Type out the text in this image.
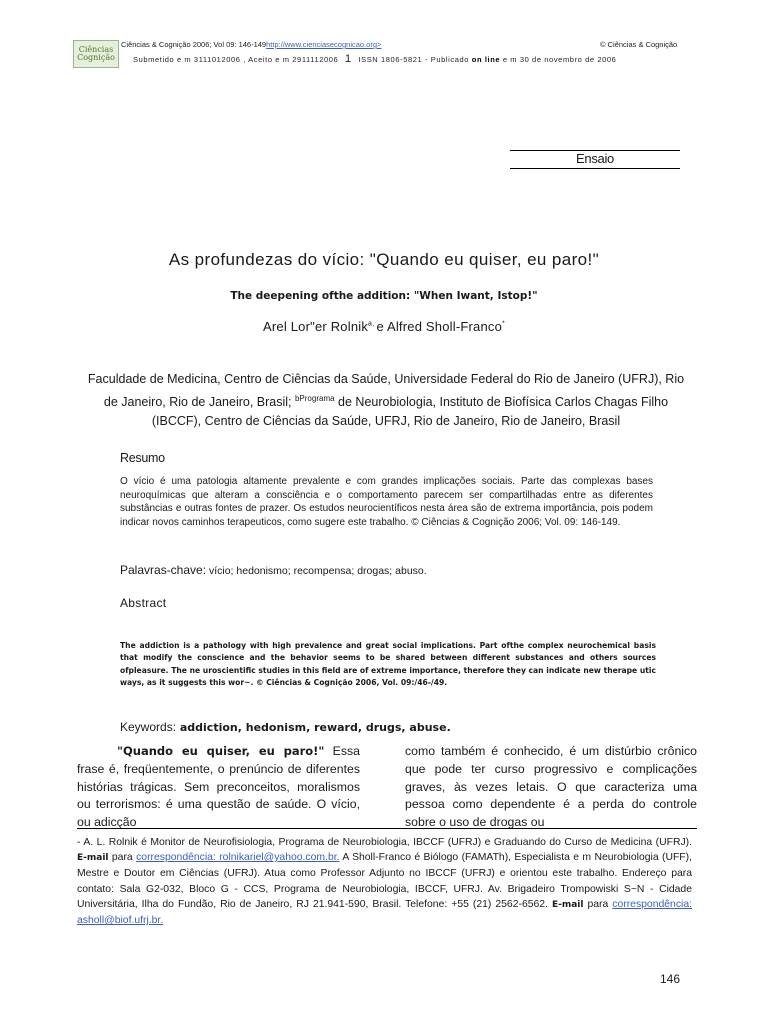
Ciências Cognição
Ciências & Cognição 2006; Vol 09: 146-149http://www.cienciasecognicao.org>	© Ciências & Cognição
Submetido e m 3111012006 , Aceito e m 2911112006 1 ISSN 1806-5821 - Publicado on line e m 30 de novembro de 2006
Ensaio
As profundezas do vício: "Quando eu quiser, eu paro!"
The deepening ofthe addition: "When Iwant, Istop!"
Arel Lor"er Rolnik$^{a,}$ e Alfred Sholl-Franco*
Faculdade de Medicina, Centro de Ciências da Saúde, Universidade Federal do Rio de Janeiro (UFRJ), Rio de Janeiro, Rio de Janeiro, Brasil; $^{bPrograma}$ de Neurobiologia, Instituto de Biofísica Carlos Chagas Filho (IBCCF), Centro de Ciências da Saúde, UFRJ, Rio de Janeiro, Rio de Janeiro, Brasil
Resumo
O vício é uma patologia altamente prevalente e com grandes implicações sociais. Parte das complexas bases neuroquímicas que alteram a consciência e o comportamento parecem ser compartilhadas entre as diferentes substâncias e outras fontes de prazer. Os estudos neurocientíficos nesta área são de extrema importância, pois podem indicar novos caminhos terapeuticos, como sugere este trabalho. © Ciências & Cognição 2006; Vol. 09: 146-149.
Palavras-chave: vício; hedonismo; recompensa; drogas; abuso.
Abstract
The addiction is a pathology with high prevalence and great social implications. Part ofthe complex neurochemical basis that modify the conscience and the behavior seems to be shared between different substances and others sources ofpleasure. The ne uroscientific studies in this field are of extreme importance, therefore they can indicate new therape utic ways, as it suggests this wor~. © Ciências & Cognição 2006, Vol. 09:/46-/49.
Keywords: addiction, hedonism, reward, drugs, abuse.
"Quando eu quiser, eu paro!" Essa frase é, freqüentemente, o prenúncio de diferentes histórias trágicas. Sem preconceitos, moralismos ou terrorismos: é uma questão de saúde. O vício, ou adicção
como também é conhecido, é um distúrbio crônico que pode ter curso progressivo e complicações graves, às vezes letais. O que caracteriza uma pessoa como dependente é a perda do controle sobre o uso de drogas ou
- A. L. Rolnik é Monitor de Neurofisiologia, Programa de Neurobiologia, IBCCF (UFRJ) e Graduando do Curso de Medicina (UFRJ). E-mail para correspondência: rolnikariel@yahoo.com.br. A Sholl-Franco é Biólogo (FAMATh), Especialista e m Neurobiologia (UFF), Mestre e Doutor em Ciências (UFRJ). Atua como Professor Adjunto no IBCCF (UFRJ) e orientou este trabalho. Endereço para contato: Sala G2-032, Bloco G - CCS, Programa de Neurobiologia, IBCCF, UFRJ. Av. Brigadeiro Trompowiski S~N - Cidade Universitária, Ilha do Fundão, Rio de Janeiro, RJ 21.941-590, Brasil. Telefone: +55 (21) 2562-6562. E-mail para correspondência: asholl@biof.ufrj.br.
146
